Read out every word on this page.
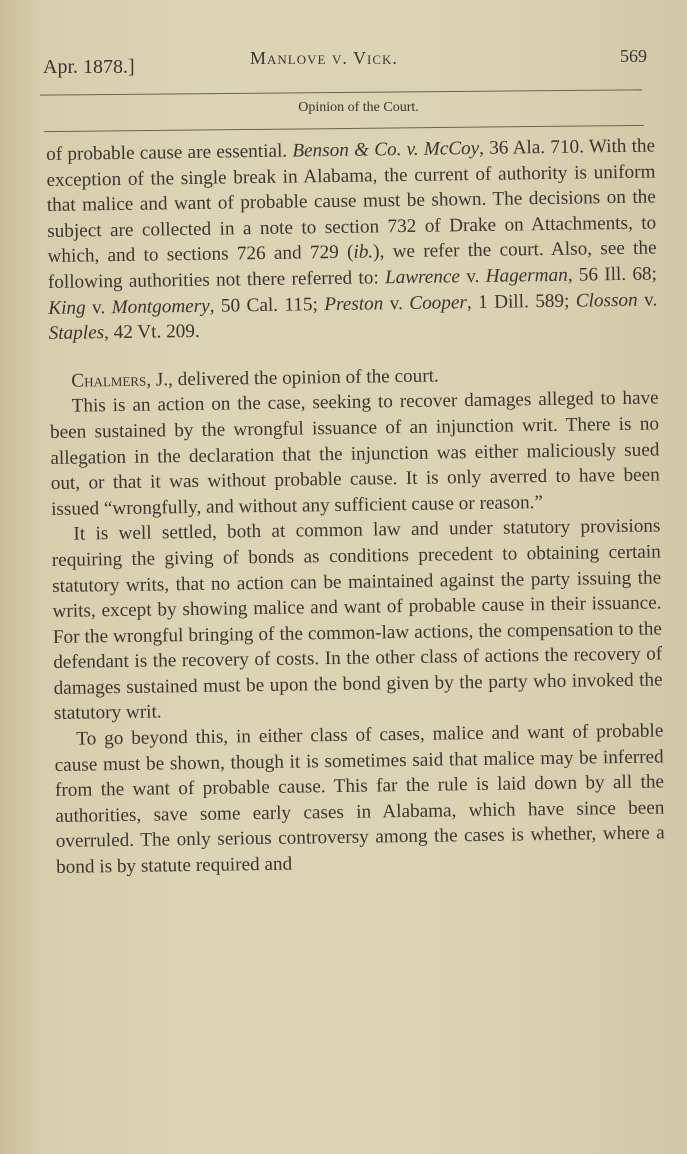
Apr. 1878.]	Manlove v. Vick.	569
Opinion of the Court.

of probable cause are essential. Benson & Co. v. McCoy, 36 Ala. 710. With the exception of the single break in Alabama, the current of authority is uniform that malice and want of probable cause must be shown. The decisions on the subject are collected in a note to section 732 of Drake on Attachments, to which, and to sections 726 and 729 (ib.), we refer the court. Also, see the following authorities not there referred to: Lawrence v. Hagerman, 56 Ill. 68; King v. Montgomery, 50 Cal. 115; Preston v. Cooper, 1 Dill. 589; Closson v. Staples, 42 Vt. 209.

Chalmers, J., delivered the opinion of the court.

This is an action on the case, seeking to recover damages alleged to have been sustained by the wrongful issuance of an injunction writ. There is no allegation in the declaration that the injunction was either maliciously sued out, or that it was without probable cause. It is only averred to have been issued “wrongfully, and without any sufficient cause or reason.”

It is well settled, both at common law and under statutory provisions requiring the giving of bonds as conditions precedent to obtaining certain statutory writs, that no action can be maintained against the party issuing the writs, except by showing malice and want of probable cause in their issuance. For the wrongful bringing of the common-law actions, the compensation to the defendant is the recovery of costs. In the other class of actions the recovery of damages sustained must be upon the bond given by the party who invoked the statutory writ.

To go beyond this, in either class of cases, malice and want of probable cause must be shown, though it is sometimes said that malice may be inferred from the want of probable cause. This far the rule is laid down by all the authorities, save some early cases in Alabama, which have since been overruled. The only serious controversy among the cases is whether, where a bond is by statute required and
